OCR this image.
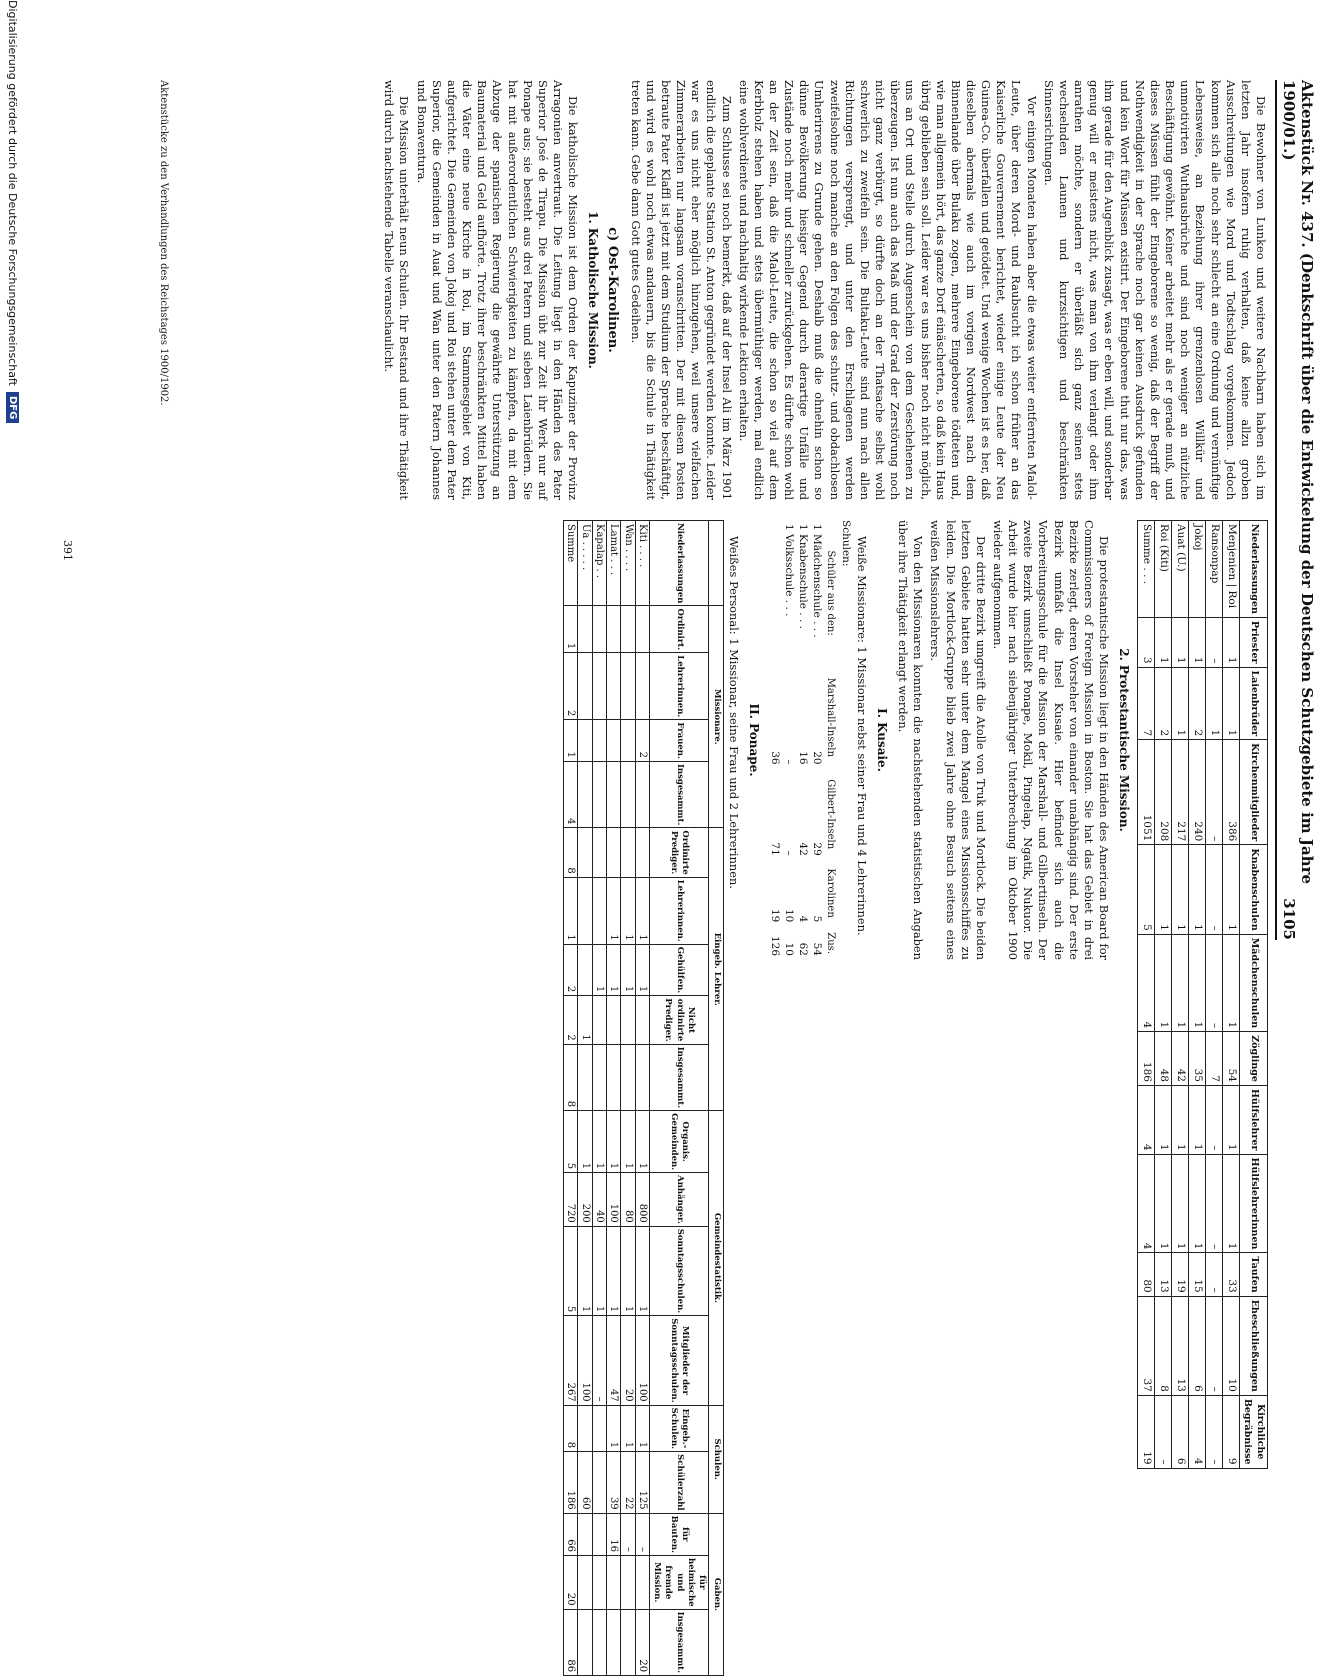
Aktenstück Nr. 437. (Denkschrift über die Entwickelung der Deutschen Schutzgebiete im Jahre 1900/01.)
3105

Die Bewohner von Lunkeo und weitere Nachbarn haben sich im letzten Jahr insofern ruhig verhalten, daß keine allzu groben Ausschreitungen wie Mord und Todtschlag vorgekommen. Jedoch kommen sich alle noch sehr schlecht an eine Ordnung und vernünftige Lebensweise, an Beziehung ihrer grenzenlosen Willkür und unmotivirten Wuthausbrüche und sind noch weniger an nützliche Beschäftigung gewöhnt. Keiner arbeitet mehr als er gerade muß, und dieses Müssen fühlt der Eingeborene so wenig, daß der Begriff der Nothwendigkeit in der Sprache noch gar keinen Ausdruck gefunden und kein Wort für Müssen existirt. Der Eingeborene thut nur das, was ihm gerade für den Augenblick zusagt, was er eben will, und sonderbar genug will er meistens nicht, was man von ihm verlangt oder ihm anrathen möchte, sondern er überläßt sich ganz seinen stets wechselnden Launen und kurzsichtigen und beschränkten Sinnesrichtungen.

Vor einigen Monaten haben aber die etwas weiter entfernten Malol-Leute, über deren Mord- und Raubsucht ich schon früher an das Kaiserliche Gouvernement berichtet, wieder einige Leute der Neu Guinea-Co. überfallen und getödtet. Und wenige Wochen ist es her, daß dieselben abermals wie auch im vorigen Nordwest nach dem Binnenlande über Bulaku zogen, mehrere Eingeborene tödteten und, wie man allgemein hört, das ganze Dorf einäscherten, so daß kein Haus übrig geblieben sein soll. Leider war es uns bisher noch nicht möglich, uns an Ort und Stelle durch Augenschein von dem Geschehenen zu überzeugen. Ist nun auch das Maß und der Grad der Zerstörung noch nicht ganz verbürgt, so dürfte doch an der Thatsache selbst wohl schwerlich zu zweifeln sein. Die Bultaku-Leute sind nun nach allen Richtungen versprengt, und unter den Erschlagenen werden zweifelsohne noch manche an den Folgen des schutz- und obdachlosen Umherirrens zu Grunde gehen. Deshalb muß die ohnehin schon so dünne Bevölkerung hiesiger Gegend durch derartige Unfälle und Zustände noch mehr und schneller zurückgehen. Es dürfte schon wohl an der Zeit sein, daß die Malol-Leute, die schon so viel auf dem Kerbholz stehen haben und stets übermüthiger werden, mal endlich eine wohlverdiente und nachhaltig wirkende Lektion erhalten.

Zum Schlusse sei noch bemerkt, daß auf der Insel Ali im März 1901 endlich die geplante Station St. Anton gegründet werden konnte. Leider war es uns nicht eher möglich hinzugehen, weil unsere vielfachen Zimmerarbeiten nur langsam voranschritten. Der mit diesem Posten betraute Pater Klaffl ist jetzt mit dem Studium der Sprache beschäftigt, und wird es wohl noch etwas andauern, bis die Schule in Thätigkeit treten kann. Gebe dann Gott gutes Gedeihen.

c) Ost-Karolinen.
1. Katholische Mission.

Die katholische Mission ist dem Orden der Kapuziner der Provinz Arragonien anvertraut. Die Leitung liegt in den Händen des Pater Superior José de Tirapu. Die Mission übt zur Zeit ihr Werk nur auf Ponape aus; sie besteht aus drei Patern und sieben Laienbrüdern. Sie hat mit außerordentlichen Schwierigkeiten zu kämpfen, da mit dem Abzuge der spanischen Regierung die gewährte Unterstützung an Baumaterial und Geld aufhörte. Trotz ihrer beschränkten Mittel haben die Väter eine neue Kirche in Roi, im Stammesgebiet von Kiti, aufgerichtet. Die Gemeinden von Jokoj und Roi stehen unter dem Pater Superior, die Gemeinden in Auat und Wan unter den Patern Johannes und Bonaventura.

Die Mission unterhält neun Schulen. Ihr Bestand und ihre Thätigkeit wird durch nachstehende Tabelle veranschaulicht.

Aktenstücke zu den Verhandlungen des Reichstages 1900/1902.
Niederlassungen	Priester	Laienbrüder	Kirchenmitglieder	Knabenschulen	Mädchenschulen	Zöglinge	Hülfslehrer	Hülfslehrerinnen	Taufen	Eheschließungen	Kirchliche Begräbnisse
Menjenien | Roi	1	1	386	1	1	54	1	1	33	10	9
Ransonpap	–	1	–	–	–	7	–	–	–	–	–
Jokoj	1	2	240	1	1	35	1	1	15	6	4
Auat (U.)	1	1	217	1	1	42	1	1	19	13	6
Roi (Kiti)	1	2	208	1	1	48	1	1	13	8	–
Summe . . .	3	7	1051	5	4	186	4	4	80	37	19
2. Protestantische Mission.

Die protestantische Mission liegt in den Händen des American Board for Commissioners of Foreign Mission in Boston. Sie hat das Gebiet in drei Bezirke zerlegt, deren Vorsteher von einander unabhängig sind. Der erste Bezirk umfaßt die Insel Kusaie. Hier befindet sich auch die Vorbereitungsschule für die Mission der Marshall- und Gilbertinseln. Der zweite Bezirk umschließt Ponape, Mokil, Pingelap, Ngatik, Nukuor. Die Arbeit wurde hier nach siebenjähriger Unterbrechung im Oktober 1900 wieder aufgenommen.

Der dritte Bezirk umgreift die Atolle von Truk und Mortlock. Die beiden letzten Gebiete hatten sehr unter dem Mangel eines Missionsschiffes zu leiden. Die Mortlock-Gruppe blieb zwei Jahre ohne Besuch seitens eines weißen Missionslehrers.

Von den Missionaren konnten die nachstehenden statistischen Angaben über ihre Thätigkeit erlangt werden.

I. Kusaie.

Weiße Missionare: 1 Missionar nebst seiner Frau und 4 Lehrerinnen.

Schulen:
Schüler aus den:	Marshall-Inseln	Gilbert-Inseln	Karolinen	Zus.
1 Mädchenschule . . .	20	29	5	54
1 Knabenschule . . .	16	42	4	62
1 Volksschule . . .	–	–	10	10
	36	71	19	126
II. Ponape.

Weißes Personal: 1 Missionar, seine Frau und 2 Lehrerinnen.

	Missionare.				Eingeb. Lehrer.					Gemeindestatistik.				Schulen.		Gaben.		
Niederlassungen	Ordinirt.	Lehrerinnen.	Frauen.	Insgesammt.	Ordinirte Prediger.	Lehrerinnen.	Gehülfen.	Nicht ordinirte Prediger.	Insgesammt.	Organis. Gemeinden.	Anhänger.	Sonntagsschulen.	Mitglieder der Sonntagsschulen.	Eingeb.-Schulen.	Schülerzahl	für Bauten.	für heimische und fremde Mission.	Insgesammt.
Kiti . . . .			2			1	1			1	800	1	100	1	125	–		20
Wan . . . .						1	1			1	80	1	20	1	22	–		
Lamat . . .						1	1			1	100	1	47	1	39	16		
Kapalap . .							1			1	40	1	–					
Ua . . . . .								1		1	200	1	100		60			
Summe	1	2	1	4	8	1	2	2	8	5	720	5	267	8	186	66	20	86
391
Digitalisierung gefördert durch die Deutsche Forschungsgemeinschaft
DFG
